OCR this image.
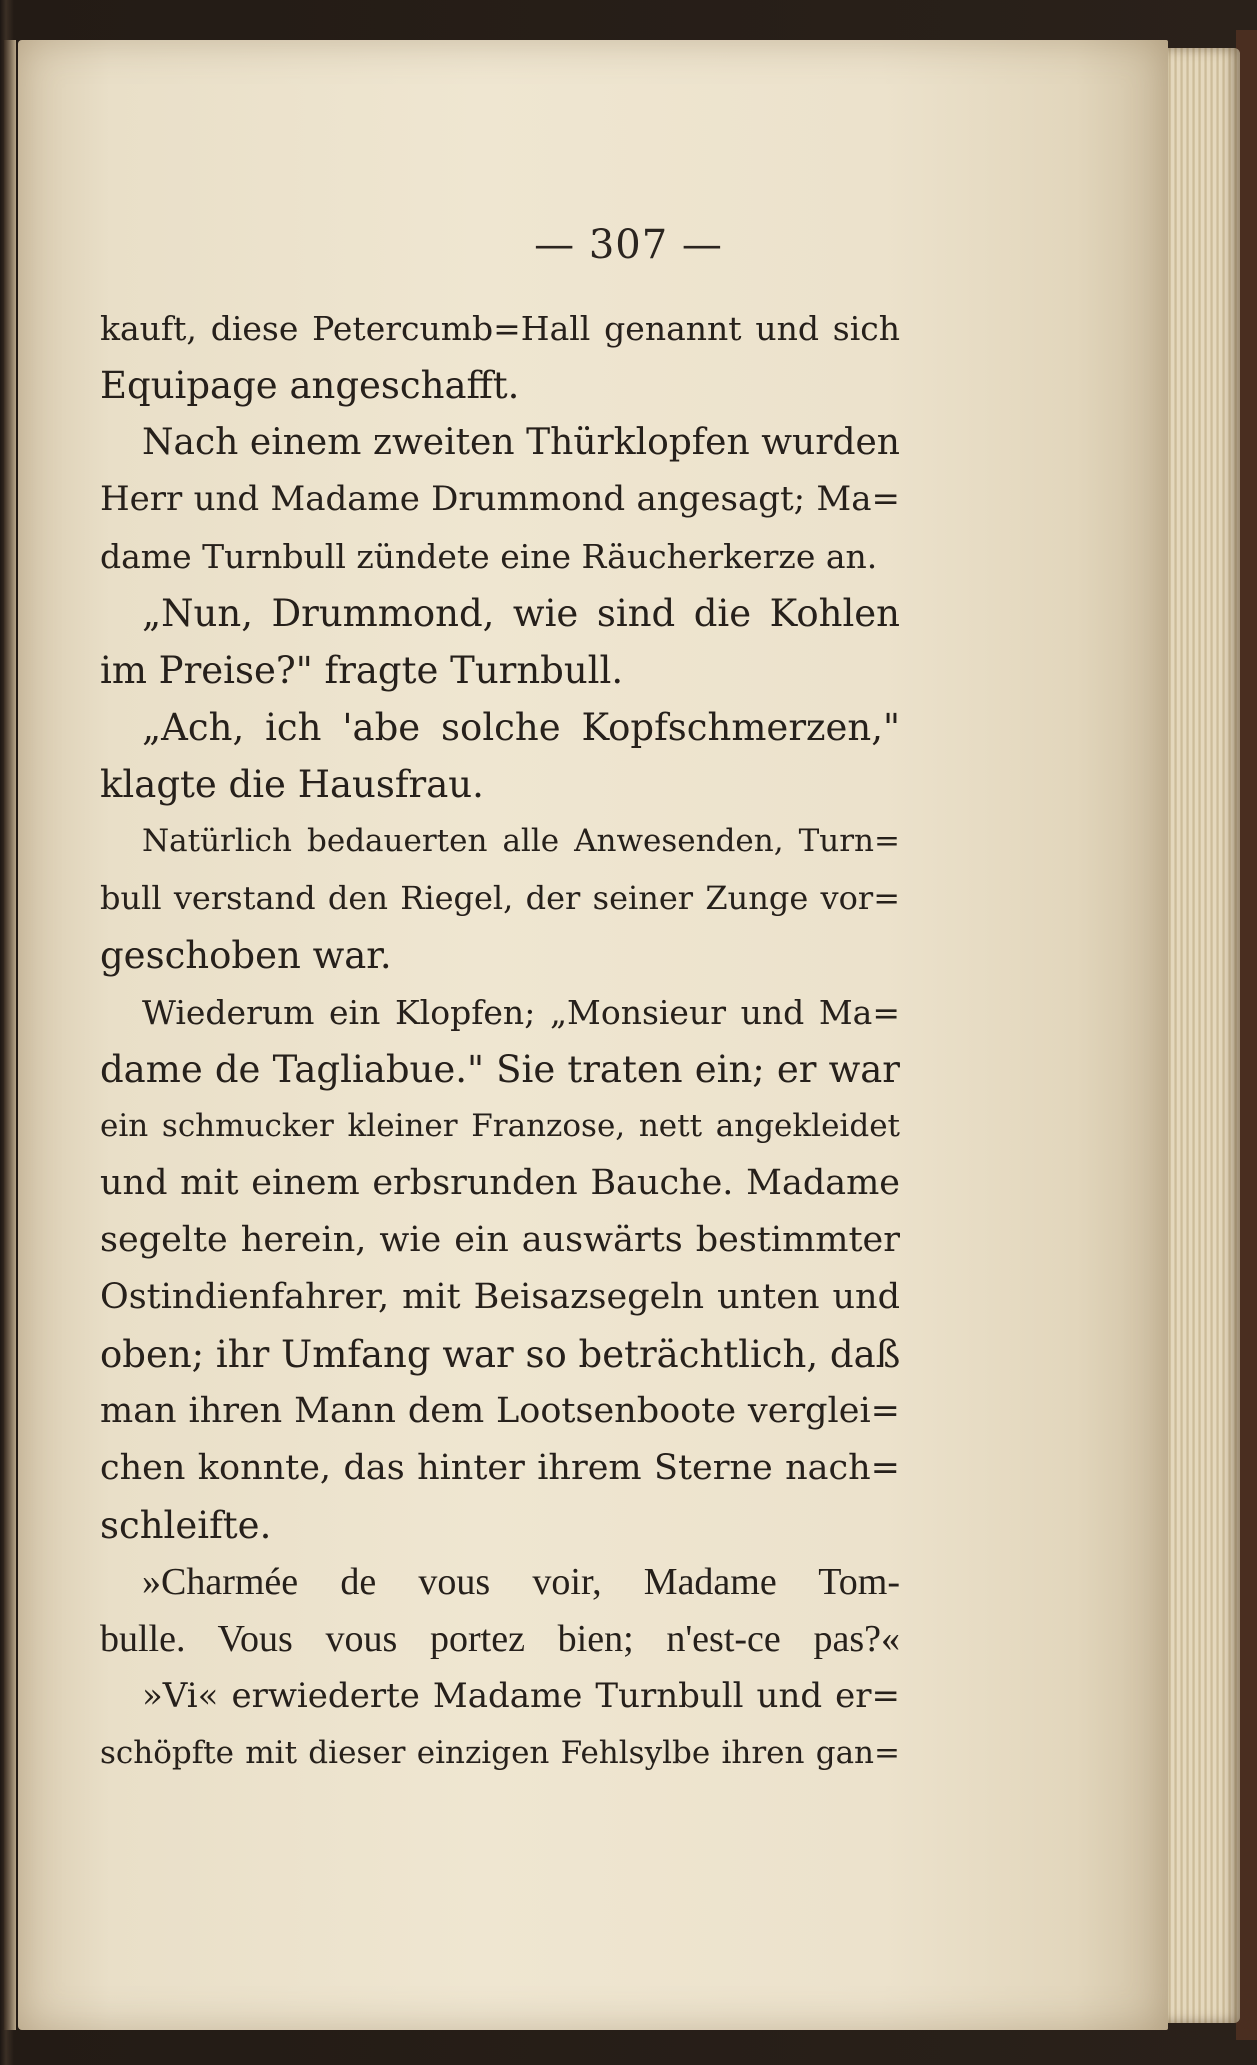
— 307 —
kauft, diese Petercumb=Hall genannt und sich
Equipage angeschafft.
Nach einem zweiten Thürklopfen wurden
Herr und Madame Drummond angesagt; Ma=
dame Turnbull zündete eine Räucherkerze an.
„Nun, Drummond, wie sind die Kohlen
im Preise?" fragte Turnbull.
„Ach, ich 'abe solche Kopfschmerzen,"
klagte die Hausfrau.
Natürlich bedauerten alle Anwesenden, Turn=
bull verstand den Riegel, der seiner Zunge vor=
geschoben war.
Wiederum ein Klopfen; „Monsieur und Ma=
dame de Tagliabue." Sie traten ein; er war
ein schmucker kleiner Franzose, nett angekleidet
und mit einem erbsrunden Bauche. Madame
segelte herein, wie ein auswärts bestimmter
Ostindienfahrer, mit Beisazsegeln unten und
oben; ihr Umfang war so beträchtlich, daß
man ihren Mann dem Lootsenboote verglei=
chen konnte, das hinter ihrem Sterne nach=
schleifte.
»Charmée de vous voir, Madame Tom-
bulle. Vous vous portez bien; n'est-ce pas?«
»Vi« erwiederte Madame Turnbull und er=
schöpfte mit dieser einzigen Fehlsylbe ihren gan=
